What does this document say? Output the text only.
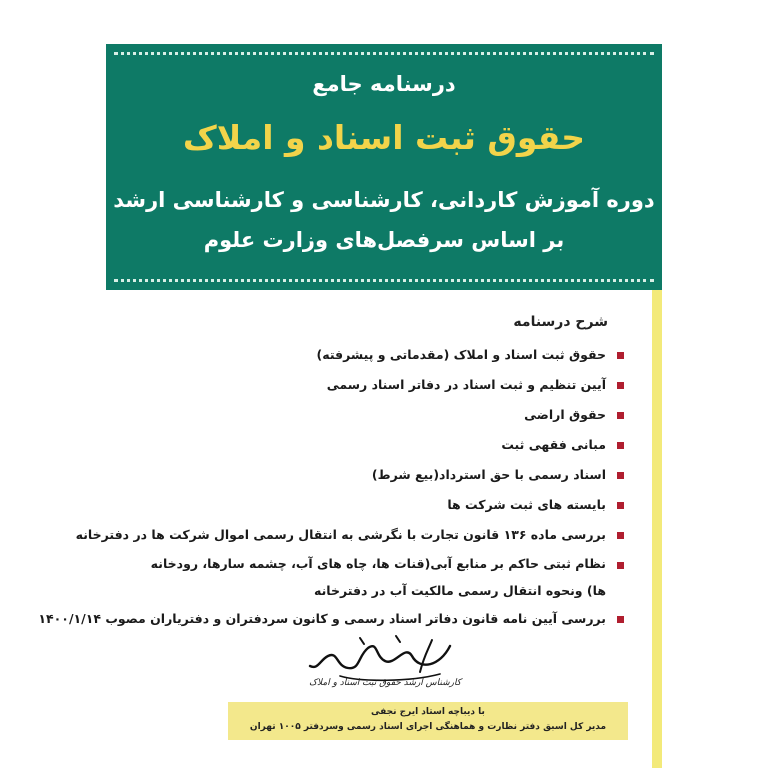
درسنامه جامع
حقوق ثبت اسناد و املاک
دوره آموزش کاردانی، کارشناسی و کارشناسی ارشد
بر اساس سرفصل‌های وزارت علوم
شرح درسنامه
حقوق ثبت اسناد و املاک (مقدماتی و پیشرفته)
آیین تنظیم و ثبت اسناد در دفاتر اسناد رسمی
حقوق اراضی
مبانی فقهی ثبت
اسناد رسمی با حق استرداد(بیع شرط)
بایسته های ثبت شرکت ها
بررسی ماده ۱۳۶ قانون تجارت با نگرشی به انتقال رسمی اموال شرکت ها در دفترخانه
نظام ثبتی حاکم بر منابع آبی(قنات ها، چاه های آب، چشمه سارها، رودخانه ها) ونحوه انتقال رسمی مالکیت آب در دفترخانه
بررسی آیین نامه قانون دفاتر اسناد رسمی و کانون سردفتران و دفترياران مصوب ۱۴۰۰/۱/۱۴
کارشناس ارشد حقوق ثبت اسناد و املاک
با دیباچه استاد ایرج نجفی
مدیر کل اسبق دفتر نظارت و هماهنگی اجرای اسناد رسمی وسردفتر ۱۰۰۵ تهران
